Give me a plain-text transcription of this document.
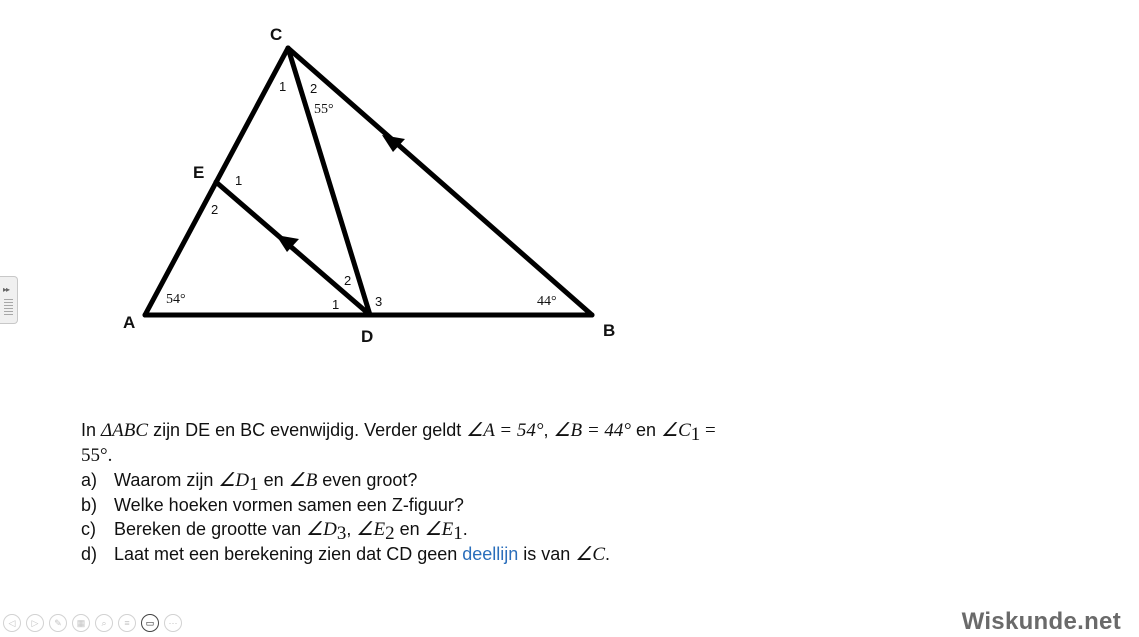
C
E
A
D	B
1 2
55°
1
2
54°
2
1	3	44°
▸▸

In ΔABC zijn DE en BC evenwijdig. Verder geldt ∠A = 54°, ∠B = 44° en $\angle C_1$ =

55°.

a) Waarom zijn $\angle D_1$ en ∠B even groot?

b) Welke hoeken vormen samen een Z-figuur?

c)	Bereken de grootte van $\angle D_3$, $\angle E_2$ en $\angle E_1$.

d) Laat met een berekening zien dat CD geen deellijn is van ∠C.

◁	▷	✎	▦	⌕	≡	▭	⋯	Wiskunde.net
